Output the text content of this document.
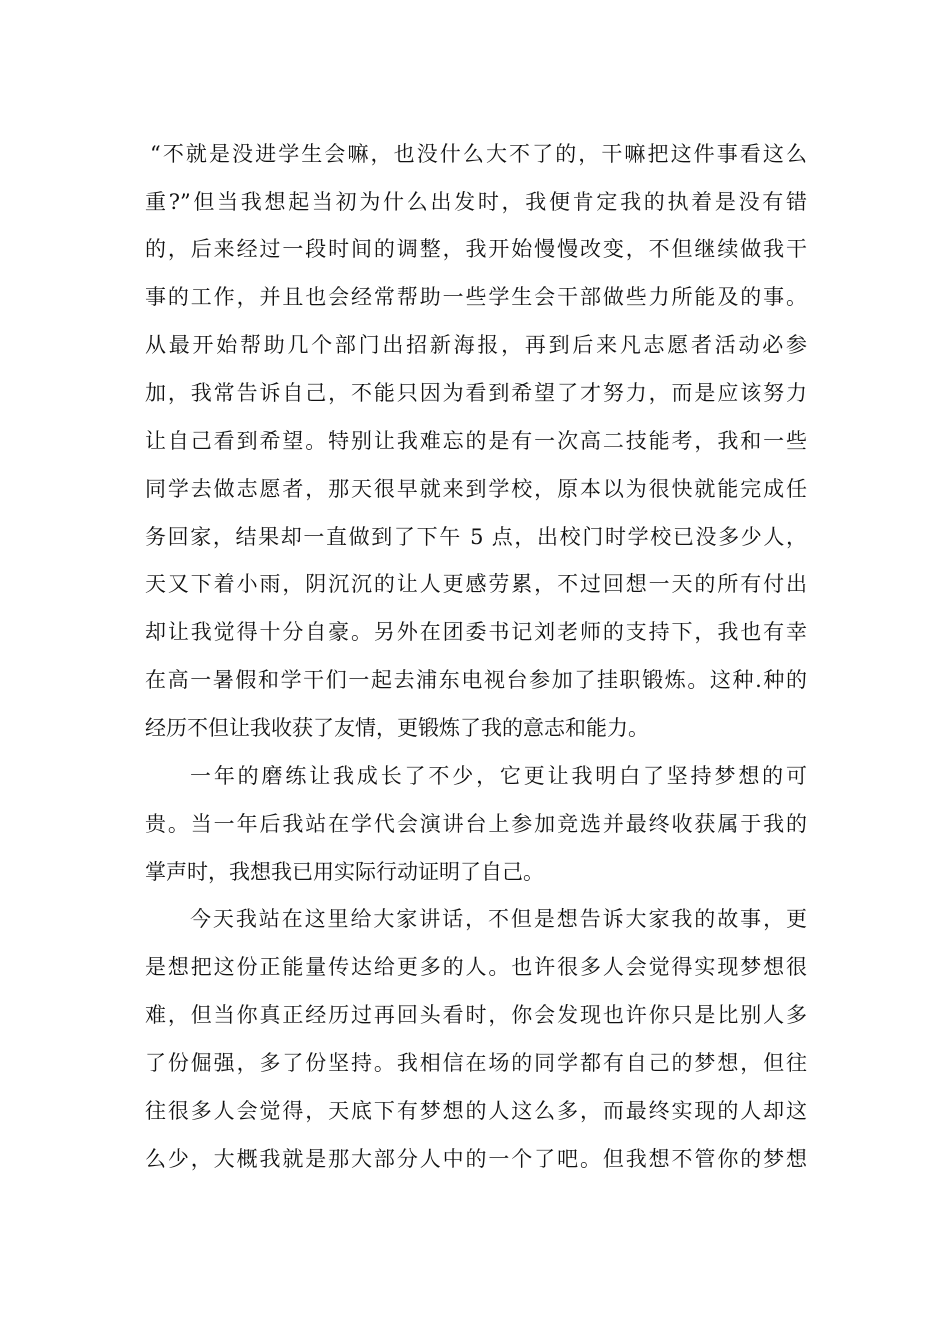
“不就是没进学生会嘛，也没什么大不了的，干嘛把这件事看这么
重?”但当我想起当初为什么出发时，我便肯定我的执着是没有错
的，后来经过一段时间的调整，我开始慢慢改变，不但继续做我干
事的工作，并且也会经常帮助一些学生会干部做些力所能及的事。
从最开始帮助几个部门出招新海报，再到后来凡志愿者活动必参
加，我常告诉自己，不能只因为看到希望了才努力，而是应该努力
让自己看到希望。特别让我难忘的是有一次高二技能考，我和一些
同学去做志愿者，那天很早就来到学校，原本以为很快就能完成任
务回家，结果却一直做到了下午 5 点，出校门时学校已没多少人，
天又下着小雨，阴沉沉的让人更感劳累，不过回想一天的所有付出
却让我觉得十分自豪。另外在团委书记刘老师的支持下，我也有幸
在高一暑假和学干们一起去浦东电视台参加了挂职锻炼。这种.种的
经历不但让我收获了友情，更锻炼了我的意志和能力。
一年的磨练让我成长了不少，它更让我明白了坚持梦想的可
贵。当一年后我站在学代会演讲台上参加竞选并最终收获属于我的
掌声时，我想我已用实际行动证明了自己。
今天我站在这里给大家讲话，不但是想告诉大家我的故事，更
是想把这份正能量传达给更多的人。也许很多人会觉得实现梦想很
难，但当你真正经历过再回头看时，你会发现也许你只是比别人多
了份倔强，多了份坚持。我相信在场的同学都有自己的梦想，但往
往很多人会觉得，天底下有梦想的人这么多，而最终实现的人却这
么少，大概我就是那大部分人中的一个了吧。但我想不管你的梦想
